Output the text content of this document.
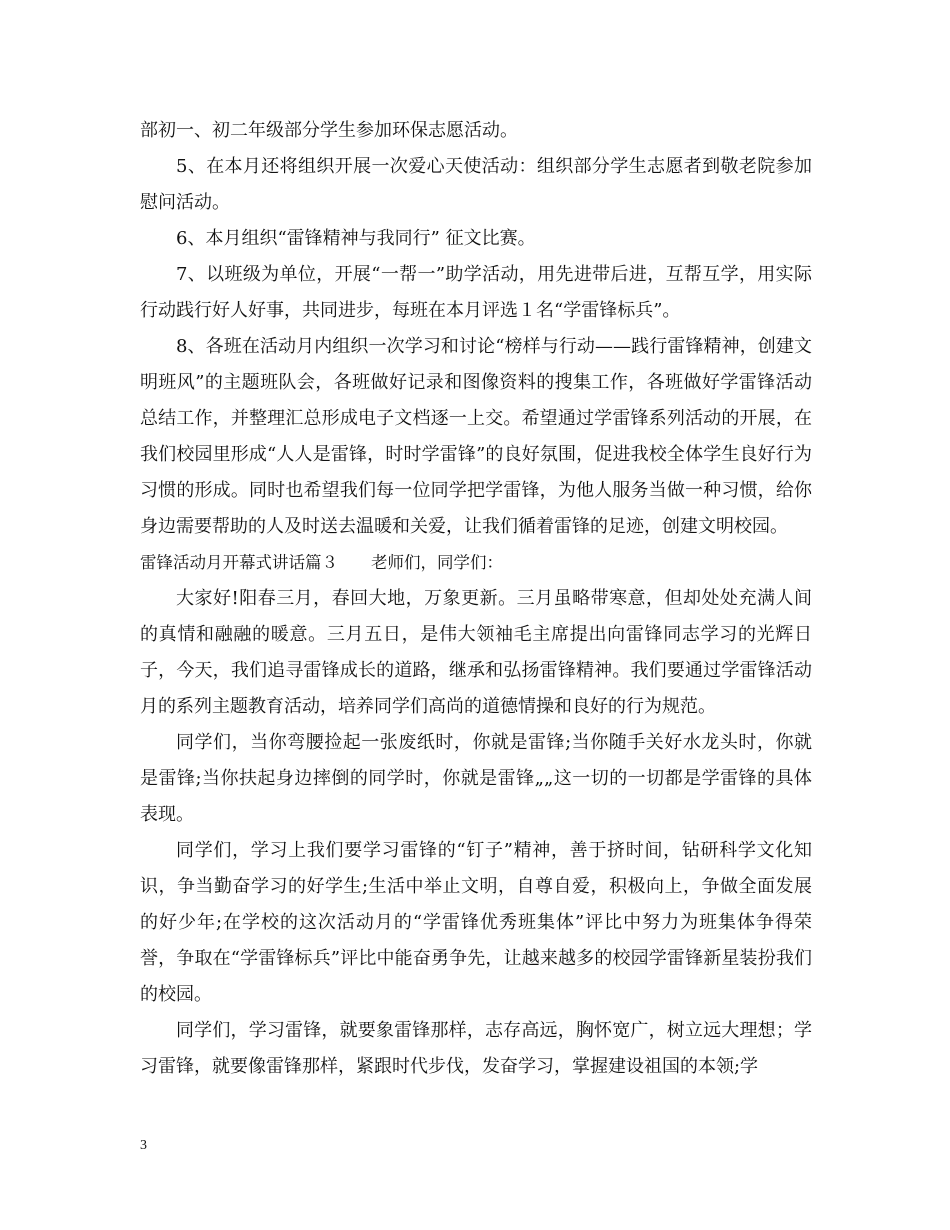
部初一、初二年级部分学生参加环保志愿活动。

5、在本月还将组织开展一次爱心天使活动：组织部分学生志愿者到敬老院参加慰问活动。

6、本月组织“雷锋精神与我同行” 征文比赛。

7、以班级为单位，开展“一帮一”助学活动，用先进带后进，互帮互学，用实际行动践行好人好事，共同进步，每班在本月评选１名“学雷锋标兵”。

8、各班在活动月内组织一次学习和讨论“榜样与行动——践行雷锋精神，创建文明班风”的主题班队会，各班做好记录和图像资料的搜集工作，各班做好学雷锋活动总结工作，并整理汇总形成电子文档逐一上交。希望通过学雷锋系列活动的开展，在我们校园里形成“人人是雷锋，时时学雷锋”的良好氛围，促进我校全体学生良好行为习惯的形成。同时也希望我们每一位同学把学雷锋，为他人服务当做一种习惯，给你身边需要帮助的人及时送去温暖和关爱，让我们循着雷锋的足迹，创建文明校园。

雷锋活动月开幕式讲话篇３　　老师们，同学们：

大家好!阳春三月，春回大地，万象更新。三月虽略带寒意，但却处处充满人间的真情和融融的暖意。三月五日，是伟大领袖毛主席提出向雷锋同志学习的光辉日子，今天，我们追寻雷锋成长的道路，继承和弘扬雷锋精神。我们要通过学雷锋活动月的系列主题教育活动，培养同学们高尚的道德情操和良好的行为规范。

同学们，当你弯腰捡起一张废纸时，你就是雷锋;当你随手关好水龙头时，你就是雷锋;当你扶起身边摔倒的同学时，你就是雷锋„„这一切的一切都是学雷锋的具体表现。

同学们，学习上我们要学习雷锋的“钉子”精神，善于挤时间，钻研科学文化知识，争当勤奋学习的好学生;生活中举止文明，自尊自爱，积极向上，争做全面发展的好少年;在学校的这次活动月的“学雷锋优秀班集体”评比中努力为班集体争得荣誉，争取在“学雷锋标兵”评比中能奋勇争先，让越来越多的校园学雷锋新星装扮我们的校园。

同学们，学习雷锋，就要象雷锋那样，志存高远，胸怀宽广，树立远大理想；学习雷锋，就要像雷锋那样，紧跟时代步伐，发奋学习，掌握建设祖国的本领;学

3
